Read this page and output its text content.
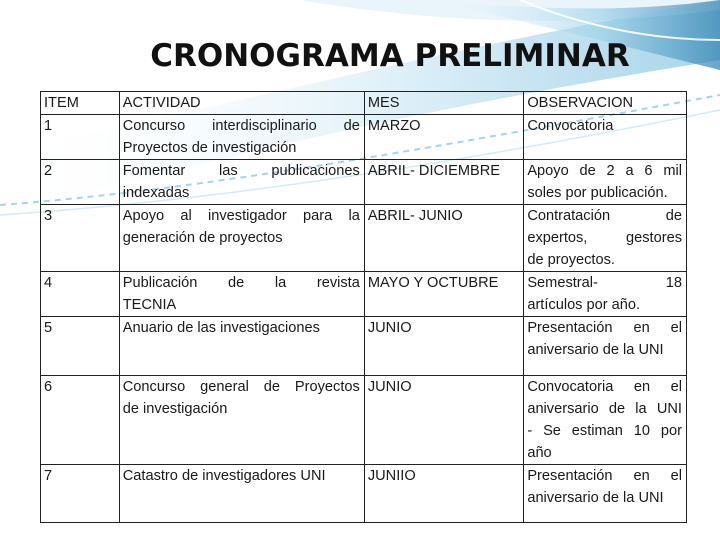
CRONOGRAMA PRELIMINAR
ITEM	ACTIVIDAD	MES	OBSERVACION

1	Concurso interdisciplinario de
Proyectos de investigación	MARZO	Convocatoria

2	Fomentar las publicaciones
indexadas	ABRIL- DICIEMBRE	Apoyo de 2 a 6 mil
soles por publicación.

3	Apoyo al investigador para la
generación de proyectos	ABRIL- JUNIO	Contratación de
expertos, gestores
de proyectos.

4	Publicación de la revista
TECNIA	MAYO Y OCTUBRE	Semestral- 18
artículos por año.

5	Anuario de las investigaciones	JUNIO	Presentación en el
aniversario de la UNI

6	Concurso general de Proyectos
de investigación	JUNIO	Convocatoria en el
aniversario de la UNI
- Se estiman 10 por
año

7	Catastro de investigadores UNI	JUNIIO	Presentación en el
aniversario de la UNI
